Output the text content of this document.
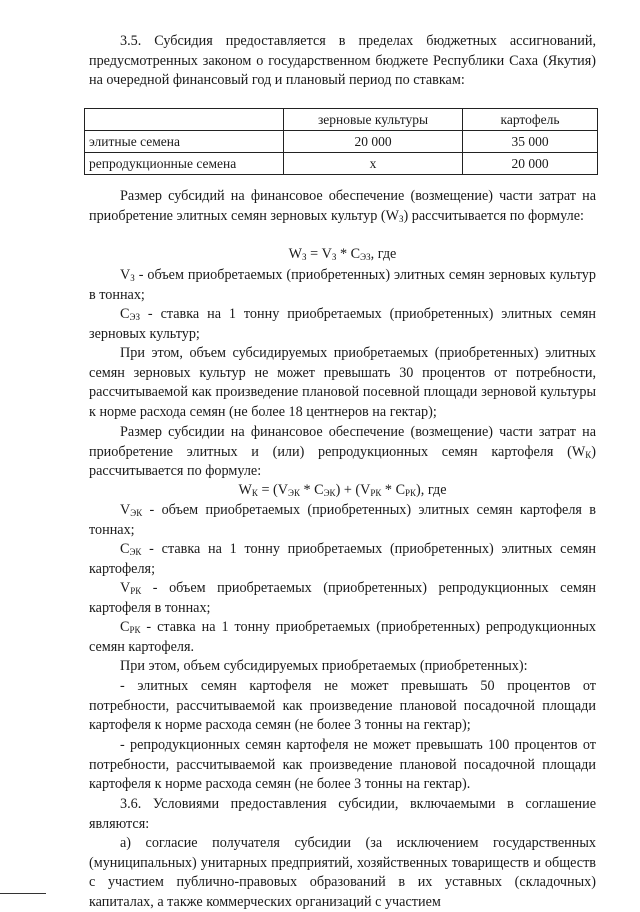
3.5. Субсидия предоставляется в пределах бюджетных ассигнований, предусмотренных законом о государственном бюджете Республики Саха (Якутия) на очередной финансовый год и плановый период по ставкам:

	зерновые культуры	картофель
элитные семена	20 000	35 000
репродукционные семена	х	20 000

Размер субсидий на финансовое обеспечение (возмещение) части затрат на приобретение элитных семян зерновых культур $(W_З)$ рассчитывается по формуле:

$W_З = V_З * C_{ЭЗ}$, где

$V_З$ - объем приобретаемых (приобретенных) элитных семян зерновых культур в тоннах;

$C_{ЭЗ}$ - ставка на 1 тонну приобретаемых (приобретенных) элитных семян зерновых культур;

При этом, объем субсидируемых приобретаемых (приобретенных) элитных семян зерновых культур не может превышать 30 процентов от потребности, рассчитываемой как произведение плановой посевной площади зерновой культуры к норме расхода семян (не более 18 центнеров на гектар);

Размер субсидии на финансовое обеспечение (возмещение) части затрат на приобретение элитных и (или) репродукционных семян картофеля $(W_К)$ рассчитывается по формуле:

$W_К = (V_{ЭК} * C_{ЭК}) + (V_{РК} * C_{РК})$, где

$V_{ЭК}$ - объем приобретаемых (приобретенных) элитных семян картофеля в тоннах;

$C_{ЭК}$ - ставка на 1 тонну приобретаемых (приобретенных) элитных семян картофеля;

$V_{РК}$ - объем приобретаемых (приобретенных) репродукционных семян картофеля в тоннах;

$C_{РК}$ - ставка на 1 тонну приобретаемых (приобретенных) репродукционных семян картофеля.

При этом, объем субсидируемых приобретаемых (приобретенных):

- элитных семян картофеля не может превышать 50 процентов от потребности, рассчитываемой как произведение плановой посадочной площади картофеля к норме расхода семян (не более 3 тонны на гектар);

- репродукционных семян картофеля не может превышать 100 процентов от потребности, рассчитываемой как произведение плановой посадочной площади картофеля к норме расхода семян (не более 3 тонны на гектар).

3.6. Условиями предоставления субсидии, включаемыми в соглашение являются:

а) согласие получателя субсидии (за исключением государственных (муниципальных) унитарных предприятий, хозяйственных товариществ и обществ с участием публично-правовых образований в их уставных (складочных) капиталах, а также коммерческих организаций с участием
